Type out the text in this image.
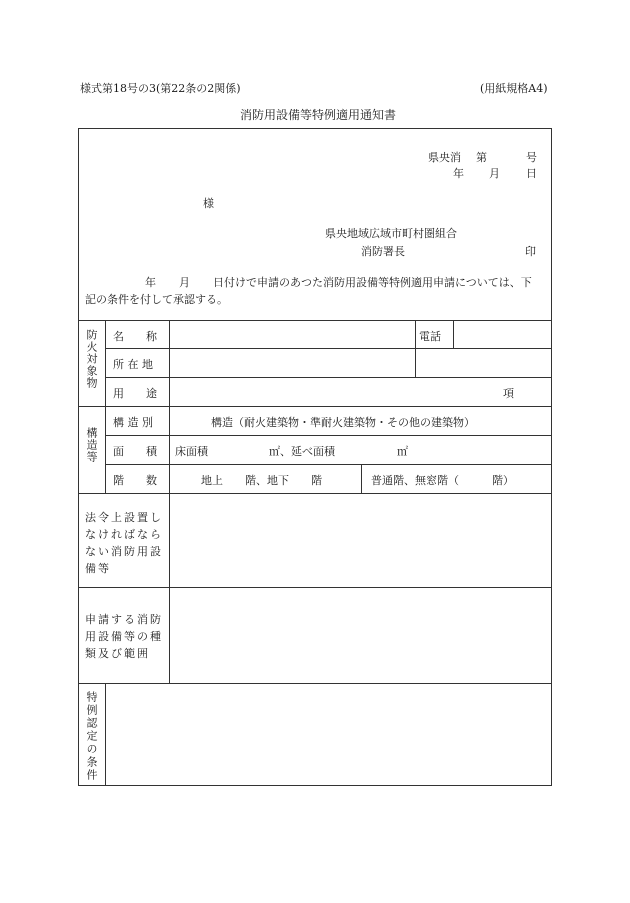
様式第18号の3(第22条の2関係)	(用紙規格A4)
消防用設備等特例適用通知書
県央消 第	号
年 月 日
様
県央地域広域市町村圏組合
消防署長	印
年 月 日付けで申請のあつた消防用設備等特例適用申請については、下
記の条件を付して承認する。
防火対象物 名　　称	電話
所 在 地
用　　途	項
構造等
構 造 別	構造（耐火建築物・準耐火建築物・その他の建築物）
面　　積 床面積	㎡、延べ面積	㎡
階　　数	地上　　階、地下　　階	普通階、無窓階（　　　階）
法令上設置しなければならない消防用設備等
申請する消防用設備等の種類及び範囲
特例認定の条件
